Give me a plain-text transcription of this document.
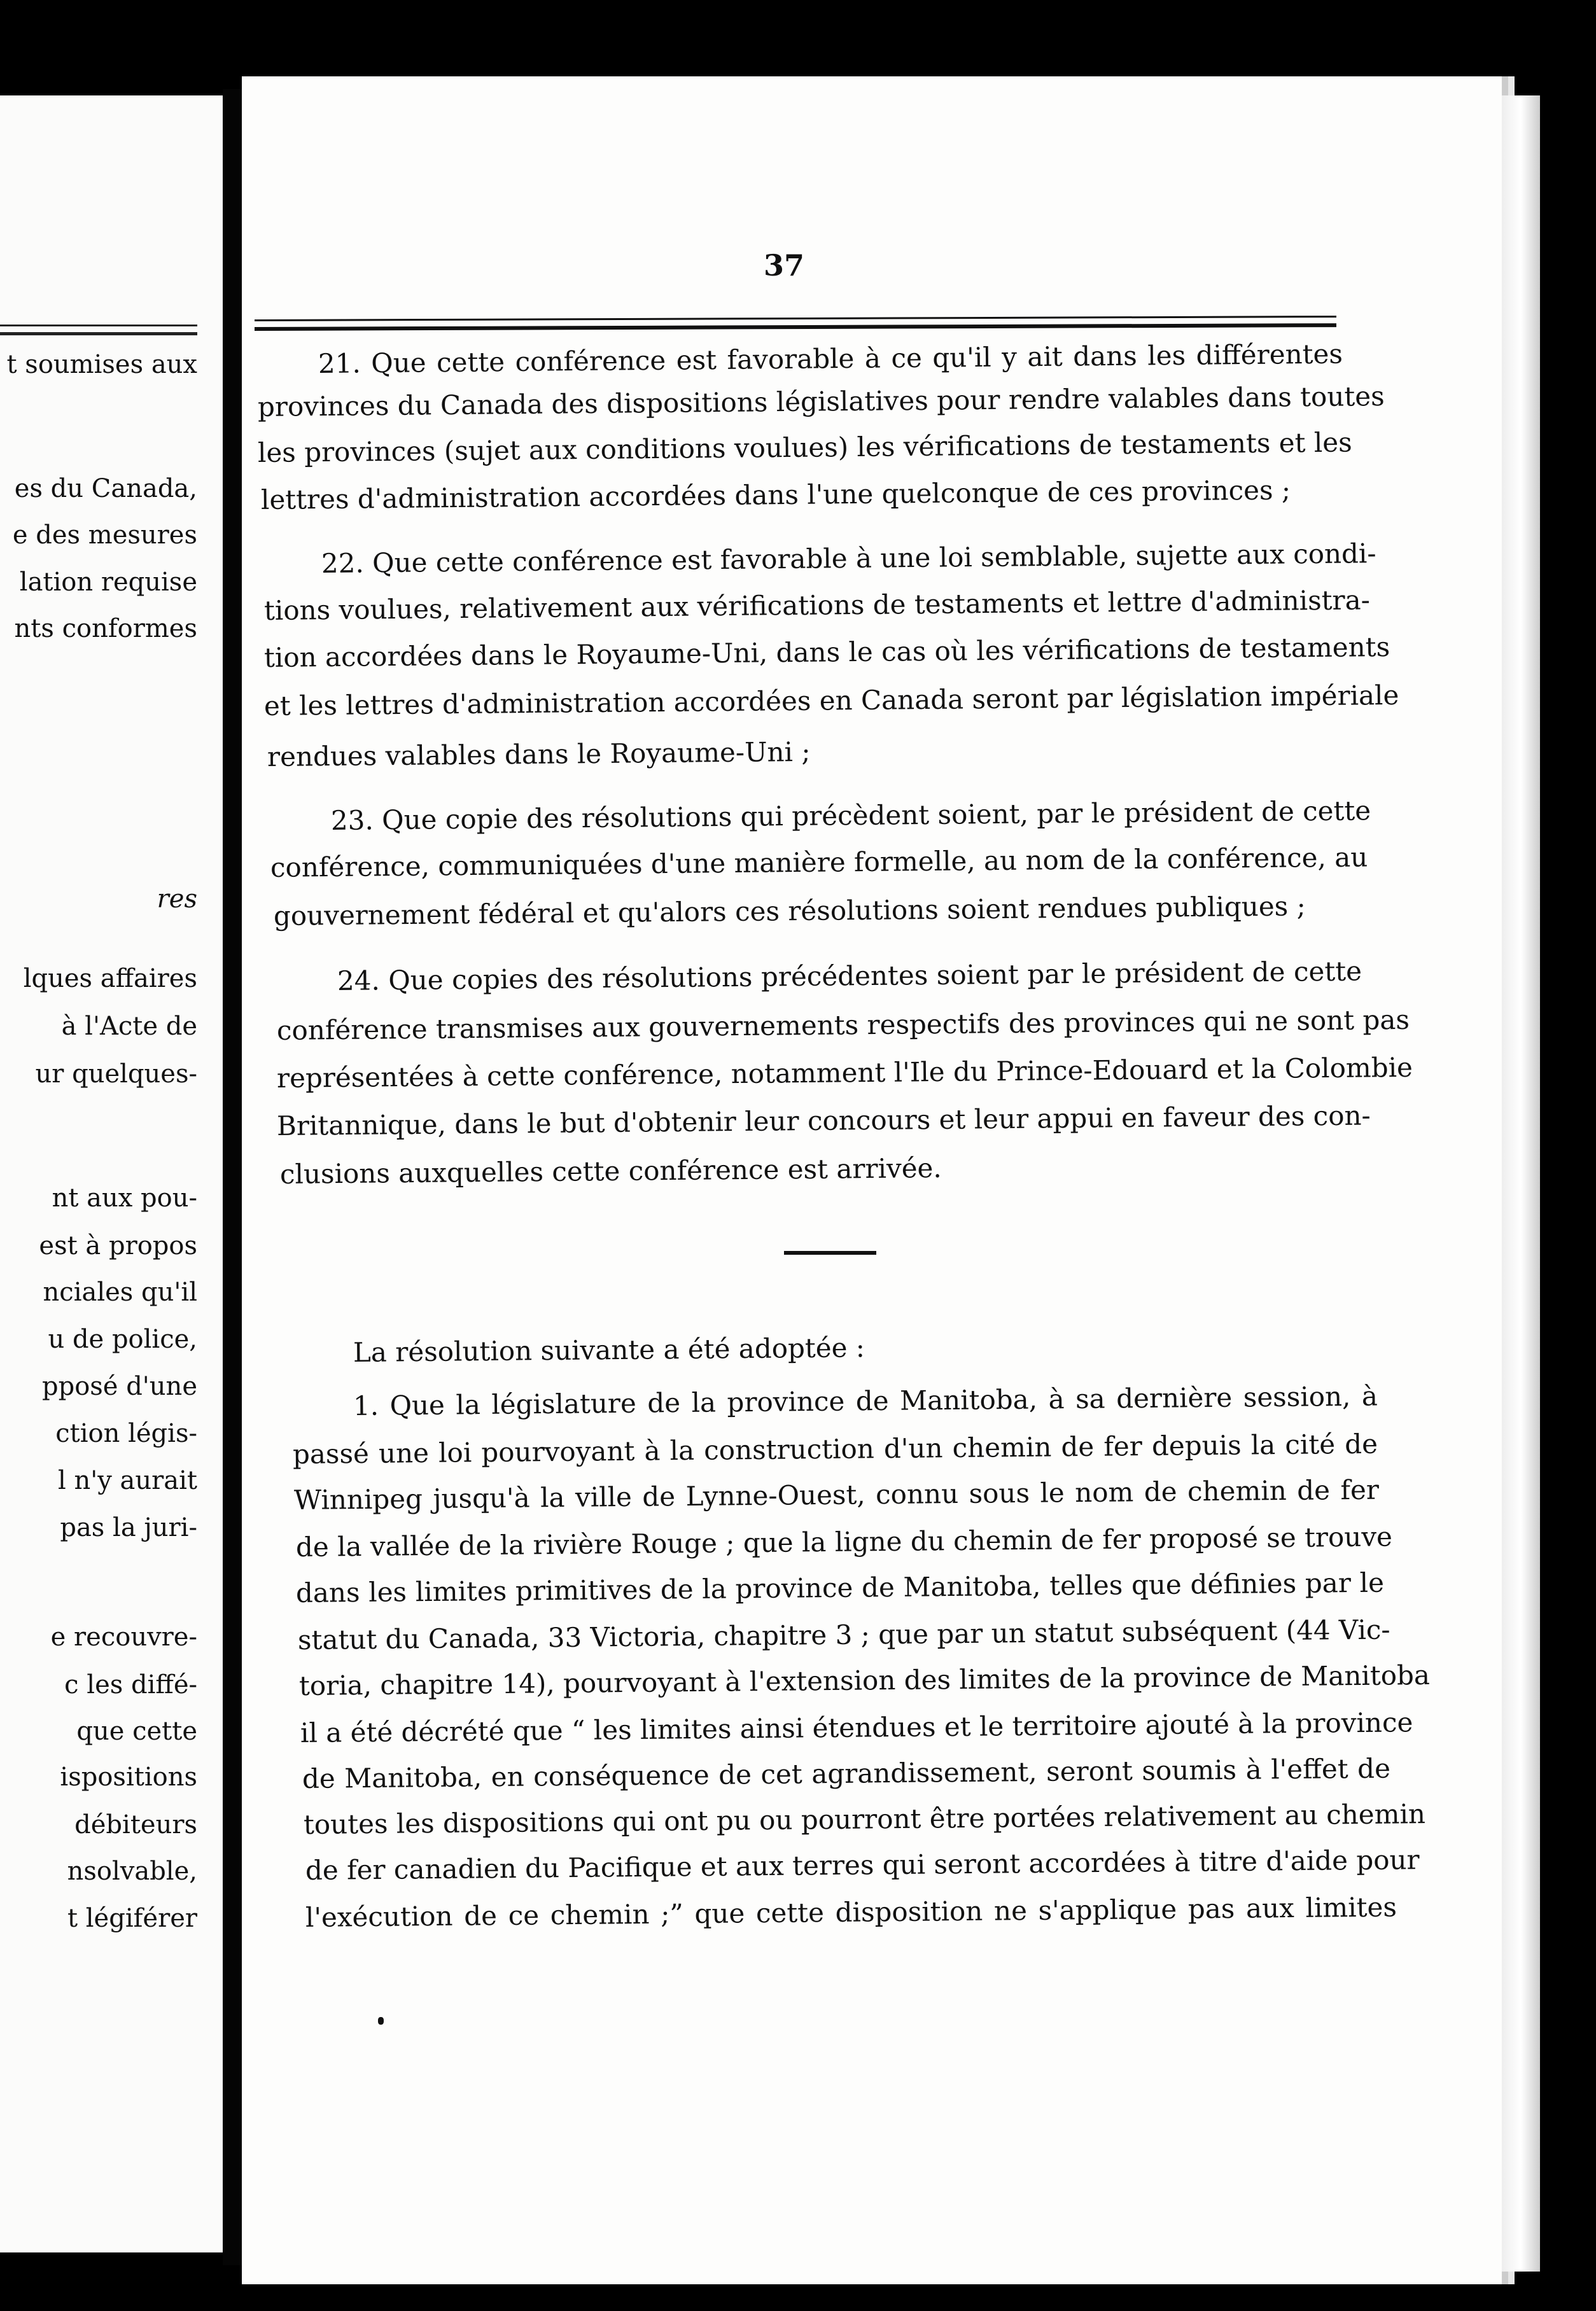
t soumises aux
es du Canada,
e des mesures
lation requise
nts conformes
res
lques affaires
à l'Acte de
ur quelques-
nt aux pou-
est à propos
nciales qu'il
u de police,
pposé d'une
ction légis-
l n'y aurait
pas la juri-
e recouvre-
c les diffé-
que cette
ispositions
débiteurs
nsolvable,
t légiférer
37
21. Que cette conférence est favorable à ce qu'il y ait dans les différentes
provinces du Canada des dispositions législatives pour rendre valables dans toutes
les provinces (sujet aux conditions voulues) les vérifications de testaments et les
lettres d'administration accordées dans l'une quelconque de ces provinces ;
22. Que cette conférence est favorable à une loi semblable, sujette aux condi-
tions voulues, relativement aux vérifications de testaments et lettre d'administra-
tion accordées dans le Royaume-Uni, dans le cas où les vérifications de testaments
et les lettres d'administration accordées en Canada seront par législation impériale
rendues valables dans le Royaume-Uni ;
23. Que copie des résolutions qui précèdent soient, par le président de cette
conférence, communiquées d'une manière formelle, au nom de la conférence, au
gouvernement fédéral et qu'alors ces résolutions soient rendues publiques ;
24. Que copies des résolutions précédentes soient par le président de cette
conférence transmises aux gouvernements respectifs des provinces qui ne sont pas
représentées à cette conférence, notamment l'Ile du Prince-Edouard et la Colombie
Britannique, dans le but d'obtenir leur concours et leur appui en faveur des con-
clusions auxquelles cette conférence est arrivée.
La résolution suivante a été adoptée :
1. Que la législature de la province de Manitoba, à sa dernière session, à
passé une loi pourvoyant à la construction d'un chemin de fer depuis la cité de
Winnipeg jusqu'à la ville de Lynne-Ouest, connu sous le nom de chemin de fer
de la vallée de la rivière Rouge ; que la ligne du chemin de fer proposé se trouve
dans les limites primitives de la province de Manitoba, telles que définies par le
statut du Canada, 33 Victoria, chapitre 3 ; que par un statut subséquent (44 Vic-
toria, chapitre 14), pourvoyant à l'extension des limites de la province de Manitoba
il a été décrété que “ les limites ainsi étendues et le territoire ajouté à la province
de Manitoba, en conséquence de cet agrandissement, seront soumis à l'effet de
toutes les dispositions qui ont pu ou pourront être portées relativement au chemin
de fer canadien du Pacifique et aux terres qui seront accordées à titre d'aide pour
l'exécution de ce chemin ;” que cette disposition ne s'applique pas aux limites
